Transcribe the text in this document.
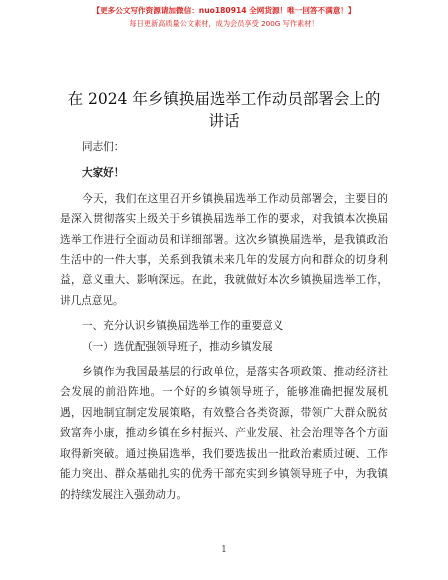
【更多公文写作资源请加微信：nuo180914 全网货源！唯一回答不满意！】
每日更新高质量公文素材，成为会员享受 200G 写作素材！
在 2024 年乡镇换届选举工作动员部署会上的讲话

同志们：

大家好！

今天，我们在这里召开乡镇换届选举工作动员部署会，主要目的是深入贯彻落实上级关于乡镇换届选举工作的要求，对我镇本次换届选举工作进行全面动员和详细部署。这次乡镇换届选举，是我镇政治生活中的一件大事，关系到我镇未来几年的发展方向和群众的切身利益，意义重大、影响深远。在此，我就做好本次乡镇换届选举工作，讲几点意见。

一、充分认识乡镇换届选举工作的重要意义

（一）选优配强领导班子，推动乡镇发展

乡镇作为我国最基层的行政单位，是落实各项政策、推动经济社会发展的前沿阵地。一个好的乡镇领导班子，能够准确把握发展机遇，因地制宜制定发展策略，有效整合各类资源，带领广大群众脱贫致富奔小康，推动乡镇在乡村振兴、产业发展、社会治理等各个方面取得新突破。通过换届选举，我们要选拔出一批政治素质过硬、工作能力突出、群众基础扎实的优秀干部充实到乡镇领导班子中，为我镇的持续发展注入强劲动力。

1
